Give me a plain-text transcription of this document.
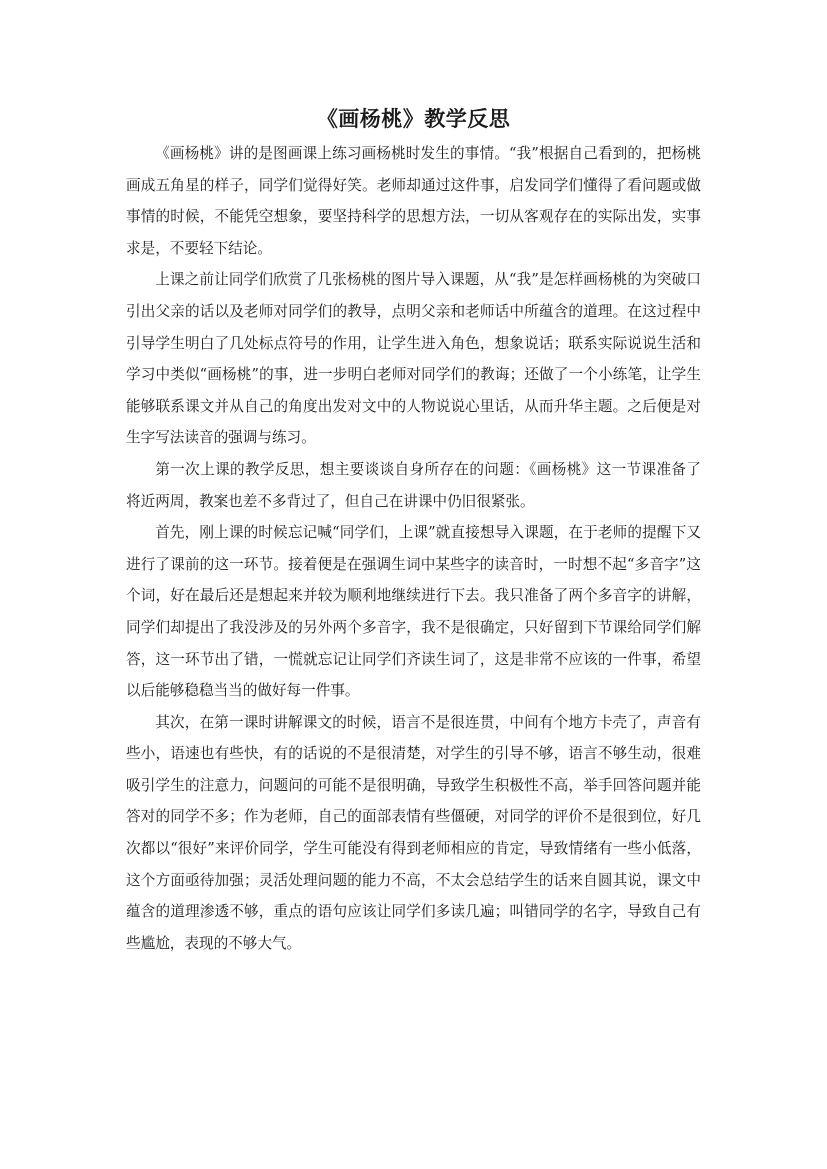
《画杨桃》教学反思

《画杨桃》讲的是图画课上练习画杨桃时发生的事情。“我”根据自己看到的，把杨桃画成五角星的样子，同学们觉得好笑。老师却通过这件事，启发同学们懂得了看问题或做事情的时候，不能凭空想象，要坚持科学的思想方法，一切从客观存在的实际出发，实事求是，不要轻下结论。

上课之前让同学们欣赏了几张杨桃的图片导入课题，从“我”是怎样画杨桃的为突破口引出父亲的话以及老师对同学们的教导，点明父亲和老师话中所蕴含的道理。在这过程中引导学生明白了几处标点符号的作用，让学生进入角色，想象说话；联系实际说说生活和学习中类似“画杨桃”的事，进一步明白老师对同学们的教诲；还做了一个小练笔，让学生能够联系课文并从自己的角度出发对文中的人物说说心里话，从而升华主题。之后便是对生字写法读音的强调与练习。

第一次上课的教学反思，想主要谈谈自身所存在的问题：《画杨桃》这一节课准备了将近两周，教案也差不多背过了，但自己在讲课中仍旧很紧张。

首先，刚上课的时候忘记喊“同学们，上课”就直接想导入课题，在于老师的提醒下又进行了课前的这一环节。接着便是在强调生词中某些字的读音时，一时想不起“多音字”这个词，好在最后还是想起来并较为顺利地继续进行下去。我只准备了两个多音字的讲解，同学们却提出了我没涉及的另外两个多音字，我不是很确定，只好留到下节课给同学们解答，这一环节出了错，一慌就忘记让同学们齐读生词了，这是非常不应该的一件事，希望以后能够稳稳当当的做好每一件事。

其次，在第一课时讲解课文的时候，语言不是很连贯，中间有个地方卡壳了，声音有些小，语速也有些快，有的话说的不是很清楚，对学生的引导不够，语言不够生动，很难吸引学生的注意力，问题问的可能不是很明确，导致学生积极性不高，举手回答问题并能答对的同学不多；作为老师，自己的面部表情有些僵硬，对同学的评价不是很到位，好几次都以“很好”来评价同学，学生可能没有得到老师相应的肯定，导致情绪有一些小低落，这个方面亟待加强；灵活处理问题的能力不高，不太会总结学生的话来自圆其说，课文中蕴含的道理渗透不够，重点的语句应该让同学们多读几遍；叫错同学的名字，导致自己有些尴尬，表现的不够大气。
